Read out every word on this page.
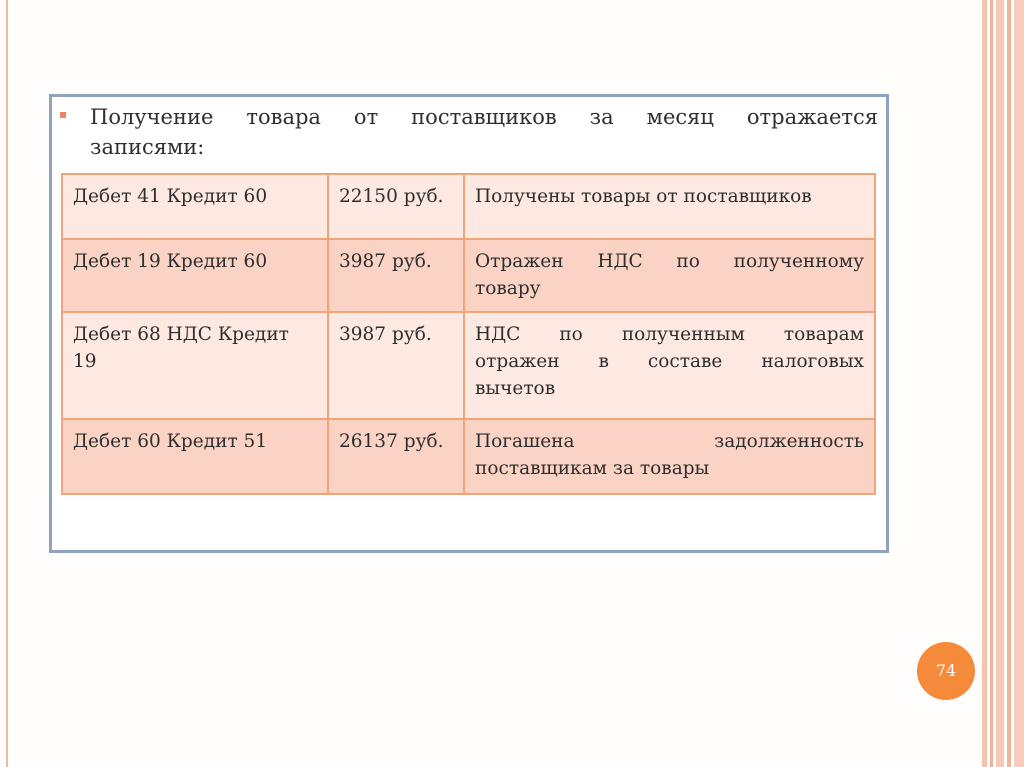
▪ Получение товара от поставщиков за месяц отражается
записями:
Дебет 41 Кредит 60	22150 руб.	Получены товары от поставщиков

Дебет 19 Кредит 60	3987 руб.	Отражен НДС по полученному
товару

Дебет 68 НДС Кредит 19	3987 руб.	НДС по полученным товарам
отражен в составе налоговых
вычетов

Дебет 60 Кредит 51	26137 руб.	Погашена задолженность
поставщикам за товары
74
